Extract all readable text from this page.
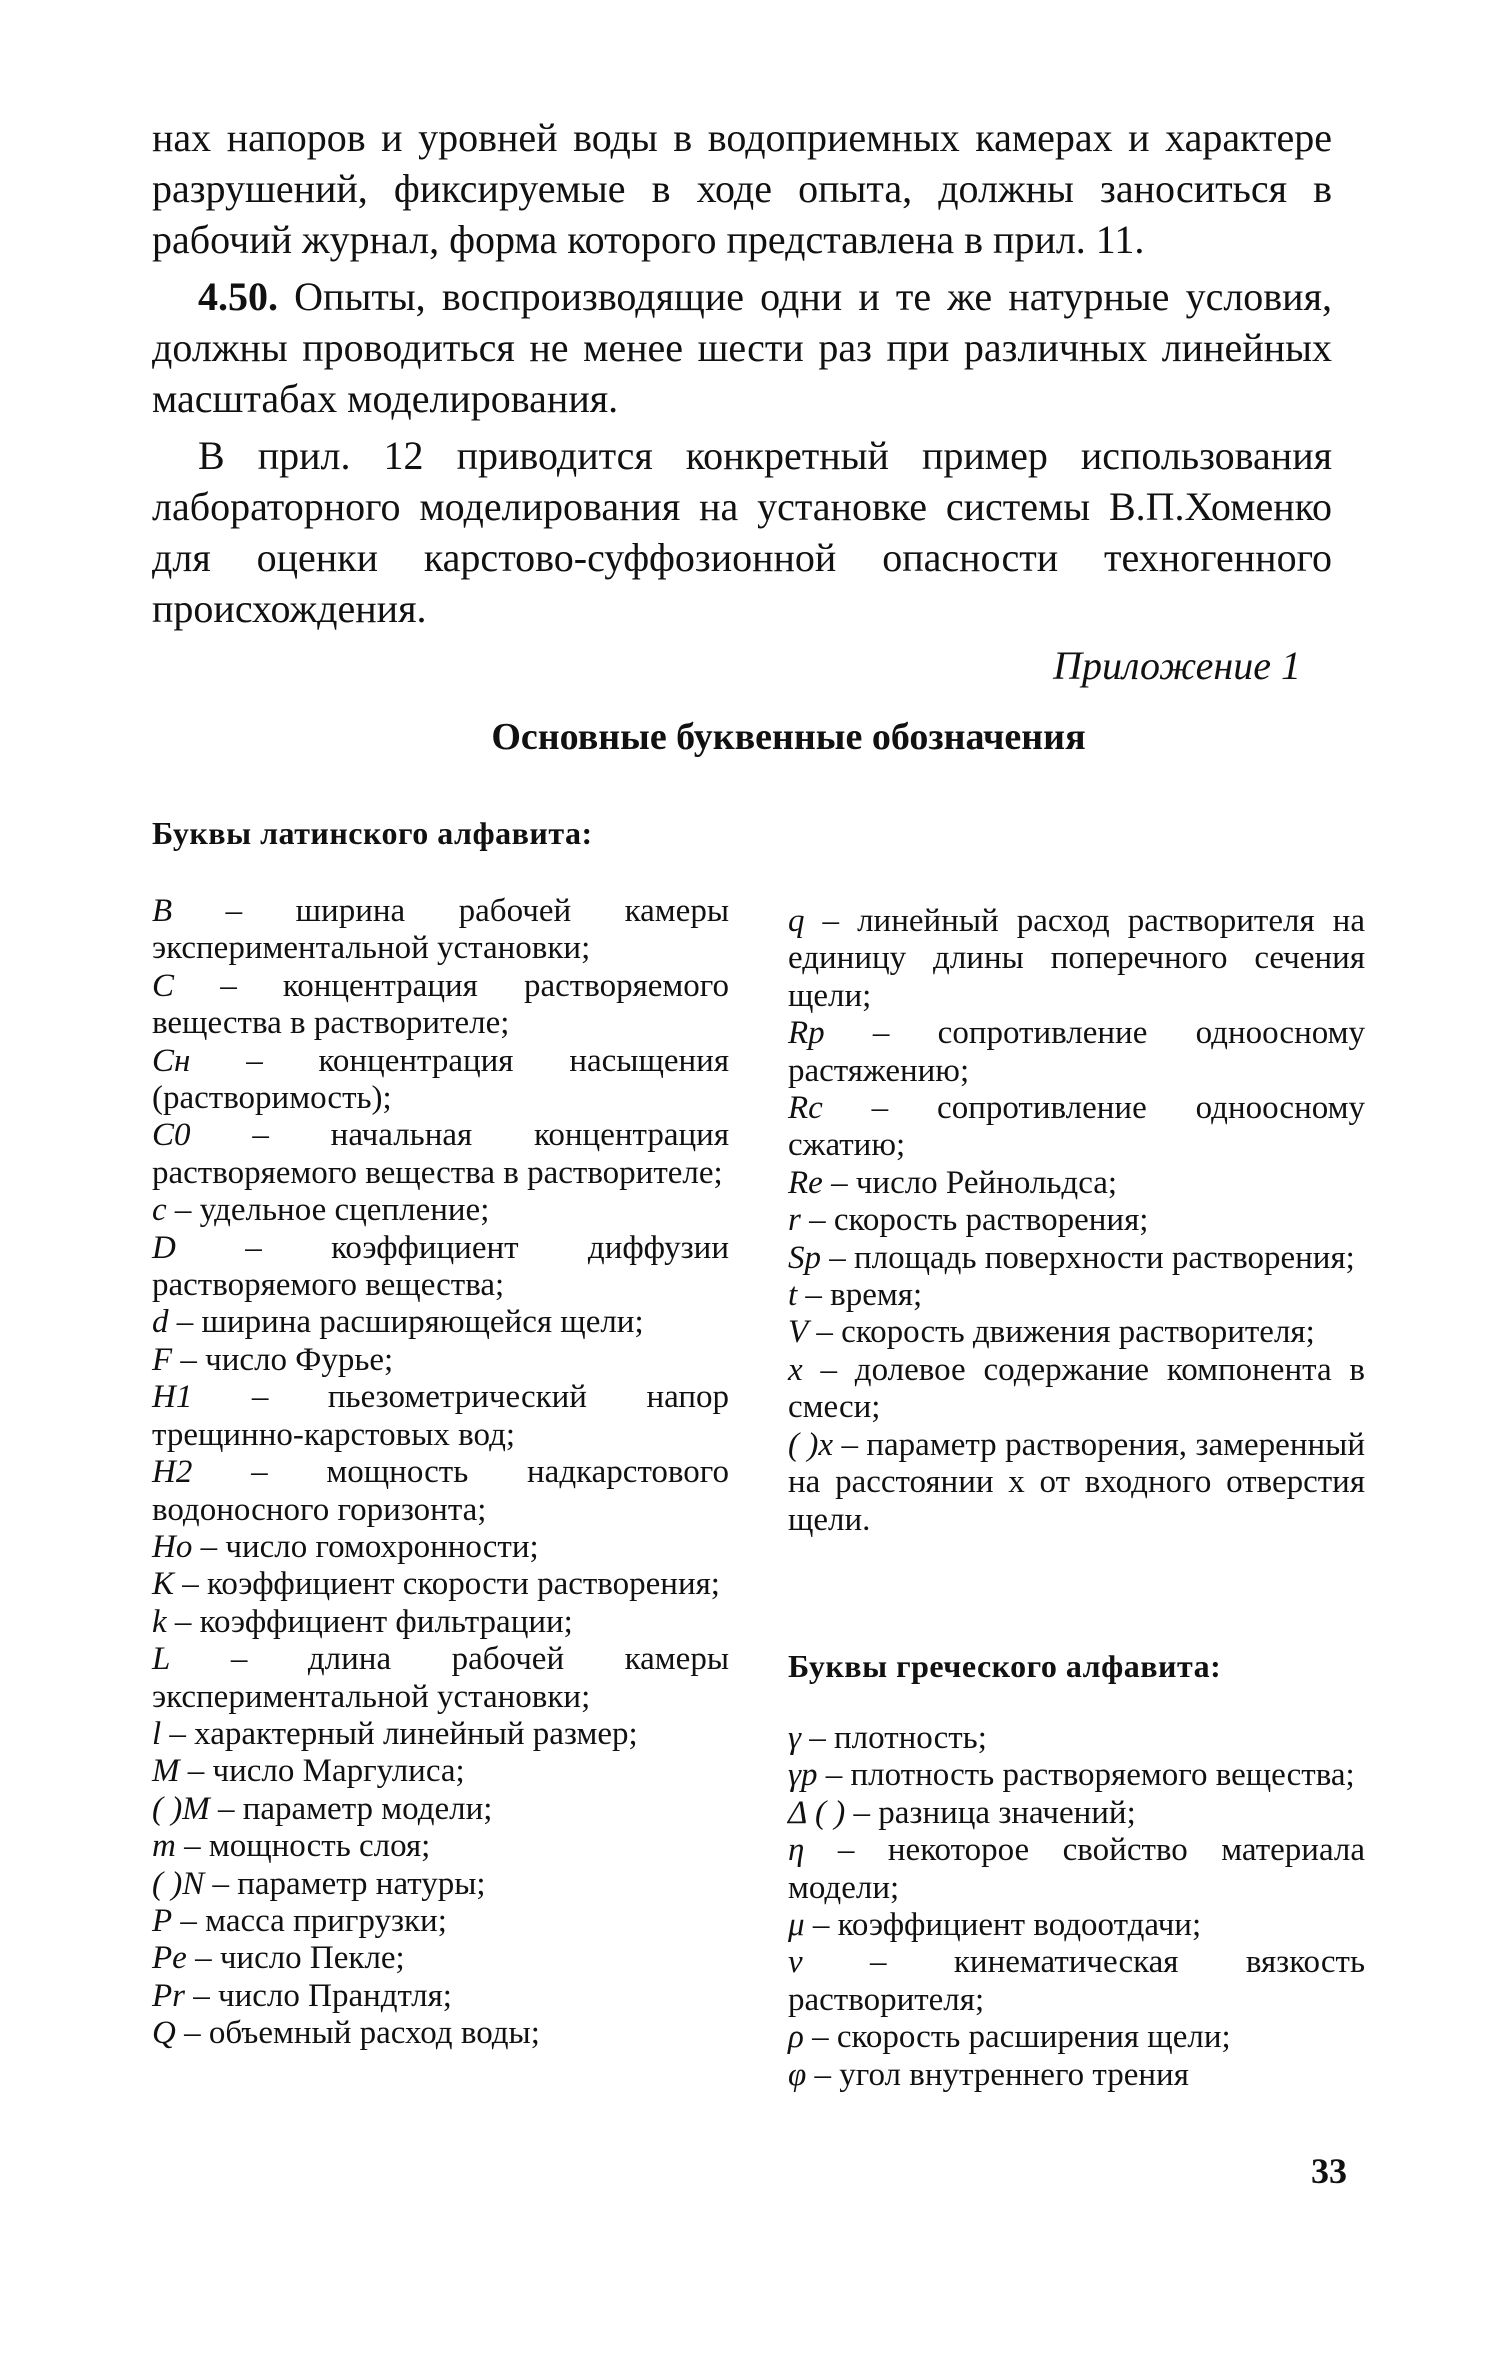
нах напоров и уровней воды в водоприемных камерах и характере разрушений, фиксируемые в ходе опыта, должны заноситься в рабочий журнал, форма которого представлена в прил. 11.

4.50. Опыты, воспроизводящие одни и те же натурные условия, должны проводиться не менее шести раз при различных линейных масштабах моделирования.

В прил. 12 приводится конкретный пример использования лабораторного моделирования на установке системы В.П.Хоменко для оценки карстово-суффозионной опасности техногенного происхождения.

Приложение 1
Основные буквенные обозначения
Буквы латинского алфавита:

B – ширина рабочей камеры экспериментальной установки;

C – концентрация растворяемого вещества в растворителе;

Cн – концентрация насыщения (растворимость);

C0 – начальная концентрация растворяемого вещества в растворителе;

c – удельное сцепление;

D – коэффициент диффузии растворяемого вещества;

d – ширина расширяющейся щели;

F – число Фурье;

H1 – пьезометрический напор трещинно-карстовых вод;

H2 – мощность надкарстового водоносного горизонта;

Ho – число гомохронности;

K – коэффициент скорости растворения;

k – коэффициент фильтрации;

L – длина рабочей камеры экспериментальной установки;

l – характерный линейный размер;

M – число Маргулиса;

( )M – параметр модели;

m – мощность слоя;

( )N – параметр натуры;

P – масса пригрузки;

Pe – число Пекле;

Pr – число Прандтля;

Q – объемный расход воды;

q – линейный расход растворителя на единицу длины поперечного сечения щели;

Rp – сопротивление одноосному растяжению;

Rc – сопротивление одноосному сжатию;

Re – число Рейнольдса;

r – скорость растворения;

Sp – площадь поверхности растворения;

t – время;

V – скорость движения растворителя;

x – долевое содержание компонента в смеси;

( )x – параметр растворения, замеренный на расстоянии x от входного отверстия щели.

Буквы греческого алфавита:

γ – плотность;

γp – плотность растворяемого вещества;

Δ ( ) – разница значений;

η – некоторое свойство материала модели;

μ – коэффициент водоотдачи;

ν – кинематическая вязкость растворителя;

ρ – скорость расширения щели;

φ – угол внутреннего трения

33
